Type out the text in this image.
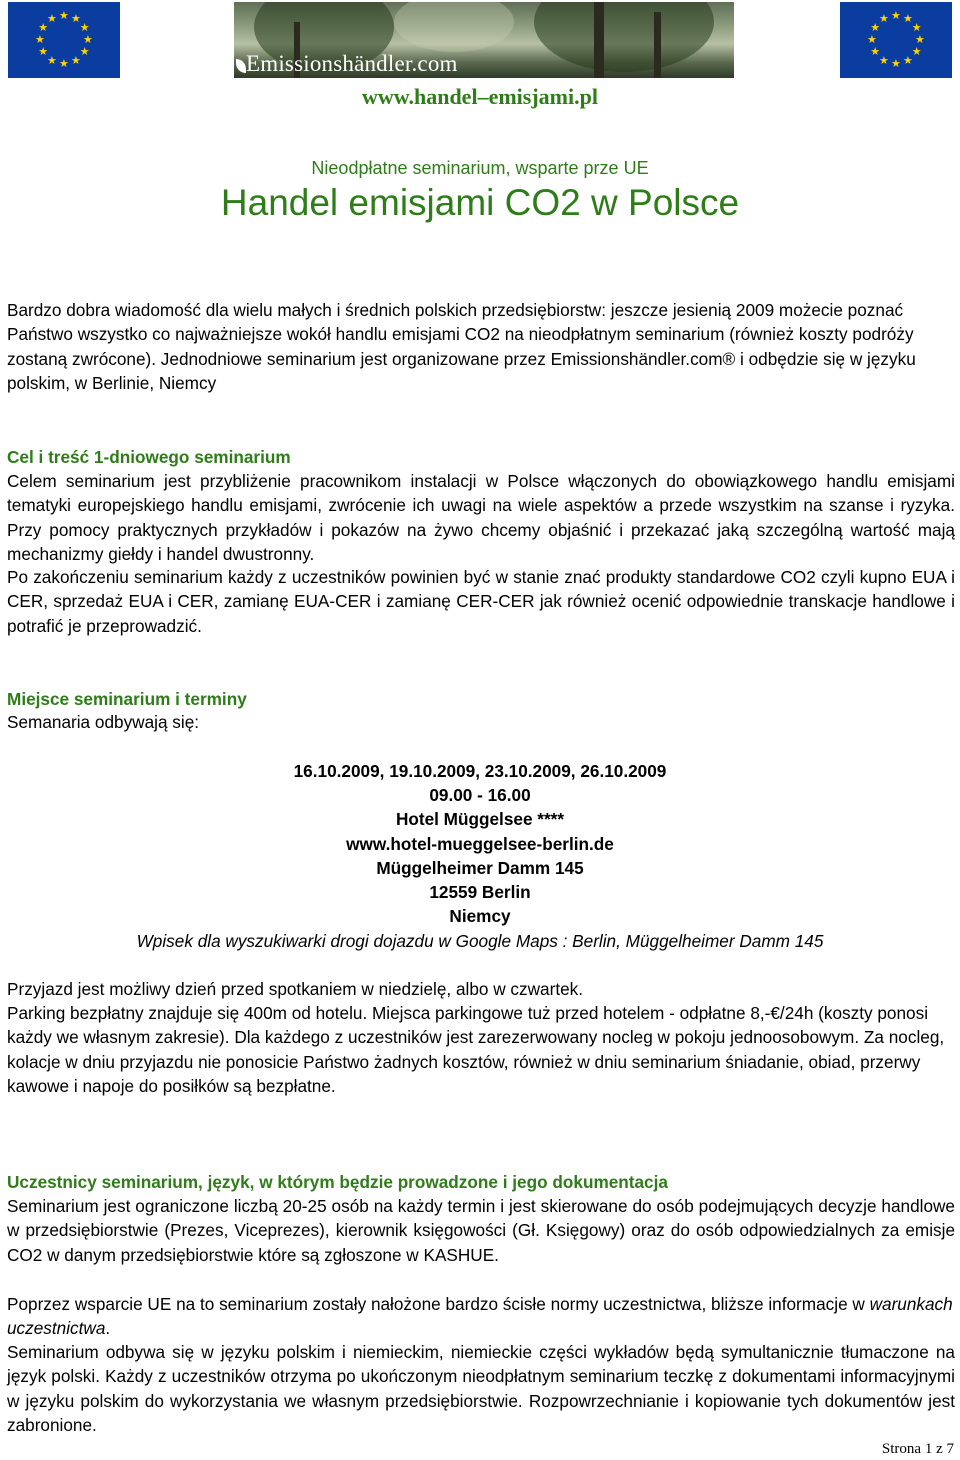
★ ★
★
★
★
★
★
★
★
★
★
★
Emissionshändler.com
★ ★
★
★
★
★
★
★
★
★
★
★
www.handel–emisjami.pl
Nieodpłatne seminarium, wsparte prze UE
Handel emisjami CO2 w Polsce
Bardzo dobra wiadomość dla wielu małych i średnich polskich przedsiębiorstw: jeszcze jesienią 2009 możecie poznać Państwo wszystko co najważniejsze wokół handlu emisjami CO2 na nieodpłatnym seminarium (również koszty podróży zostaną zwrócone). Jednodniowe seminarium jest organizowane przez Emissionshändler.com® i odbędzie się w języku polskim, w Berlinie, Niemcy
Cel i treść 1-dniowego seminarium
Celem seminarium jest przybliżenie pracownikom instalacji w Polsce włączonych do obowiązkowego handlu emisjami tematyki europejskiego handlu emisjami, zwrócenie ich uwagi na wiele aspektów a przede wszystkim na szanse i ryzyka. Przy pomocy praktycznych przykładów i pokazów na żywo chcemy objaśnić i przekazać jaką szczególną wartość mają mechanizmy giełdy i handel dwustronny.
Po zakończeniu seminarium każdy z uczestników powinien być w stanie znać produkty standardowe CO2 czyli kupno EUA i CER, sprzedaż EUA i CER, zamianę EUA-CER i zamianę CER-CER jak również ocenić odpowiednie transkacje handlowe i potrafić je przeprowadzić.
Miejsce seminarium i terminy
Semanaria odbywają się:
16.10.2009, 19.10.2009, 23.10.2009, 26.10.2009
09.00 - 16.00
Hotel Müggelsee ****
www.hotel-mueggelsee-berlin.de
Müggelheimer Damm 145
12559 Berlin
Niemcy
Wpisek dla wyszukiwarki drogi dojazdu w Google Maps : Berlin, Müggelheimer Damm 145
Przyjazd jest możliwy dzień przed spotkaniem w niedzielę, albo w czwartek.
Parking bezpłatny znajduje się 400m od hotelu. Miejsca parkingowe tuż przed hotelem - odpłatne 8,-€/24h (koszty ponosi każdy we własnym zakresie). Dla każdego z uczestników jest zarezerwowany nocleg w pokoju jednoosobowym. Za nocleg, kolacje w dniu przyjazdu nie ponosicie Państwo żadnych kosztów, również w dniu seminarium śniadanie, obiad, przerwy kawowe i napoje do posiłków są bezpłatne.
Uczestnicy seminarium, język, w którym będzie prowadzone i jego dokumentacja
Seminarium jest ograniczone liczbą 20-25 osób na każdy termin i jest skierowane do osób podejmujących decyzje handlowe w przedsiębiorstwie (Prezes, Viceprezes), kierownik księgowości (Gł. Księgowy) oraz do osób odpowiedzialnych za emisje CO2 w danym przedsiębiorstwie które są zgłoszone w KASHUE.
Poprzez wsparcie UE na to seminarium zostały nałożone bardzo ścisłe normy uczestnictwa, bliższe informacje w warunkach uczestnictwa.
Seminarium odbywa się w języku polskim i niemieckim, niemieckie części wykładów będą symultanicznie tłumaczone na język polski. Każdy z uczestników otrzyma po ukończonym nieodpłatnym seminarium teczkę z dokumentami informacyjnymi w języku polskim do wykorzystania we własnym przedsiębiorstwie. Rozpowrzechnianie i kopiowanie tych dokumentów jest zabronione.
Strona 1 z 7
